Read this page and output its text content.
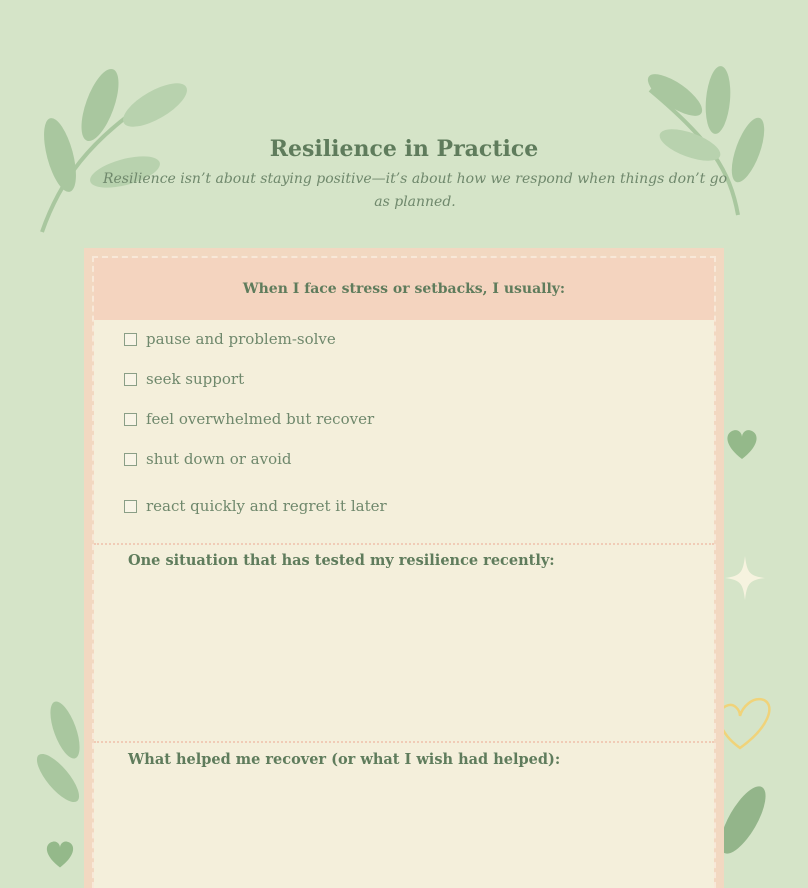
Resilience in Practice
Resilience isn’t about staying positive—it’s about how we respond when things don’t go as planned.
When I face stress or setbacks, I usually:
pause and problem-solve
seek support
feel overwhelmed but recover
shut down or avoid
react quickly and regret it later
One situation that has tested my resilience recently:
What helped me recover (or what I wish had helped):
